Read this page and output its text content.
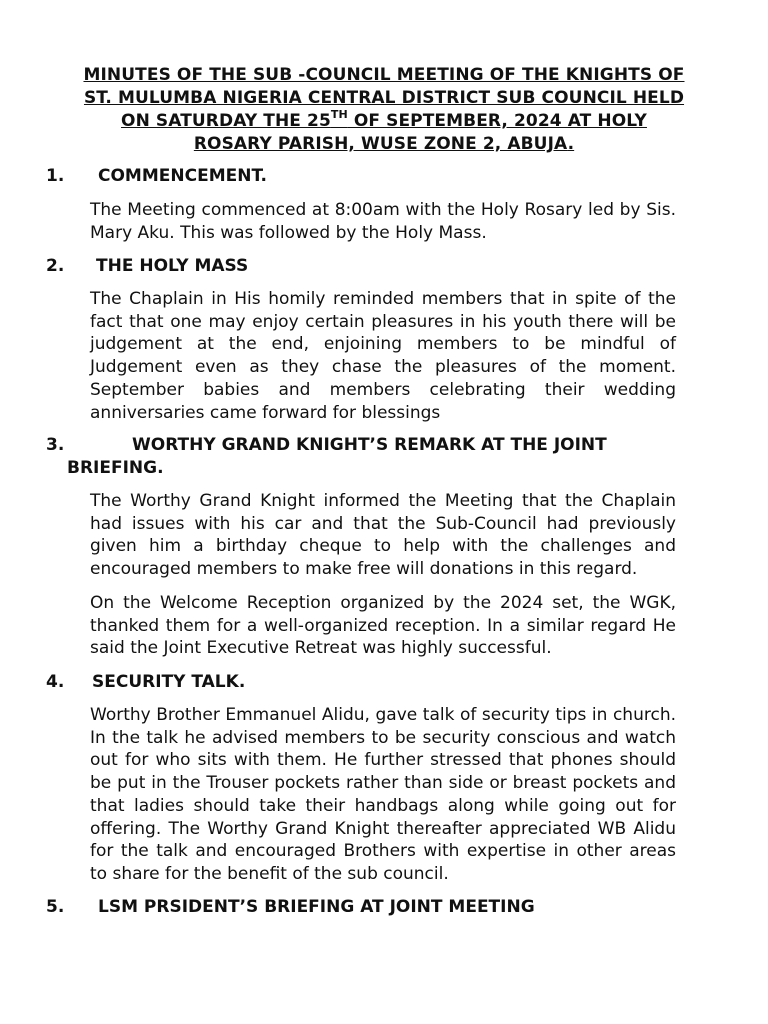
MINUTES OF THE SUB -COUNCIL MEETING OF THE KNIGHTS OF ST. MULUMBA NIGERIA CENTRAL DISTRICT SUB COUNCIL HELD ON SATURDAY THE 25TH OF SEPTEMBER, 2024 AT HOLY ROSARY PARISH, WUSE ZONE 2, ABUJA.
1. COMMENCEMENT.

The Meeting commenced at 8:00am with the Holy Rosary led by Sis. Mary Aku. This was followed by the Holy Mass.

2. THE HOLY MASS

The Chaplain in His homily reminded members that in spite of the fact that one may enjoy certain pleasures in his youth there will be judgement at the end, enjoining members to be mindful of Judgement even as they chase the pleasures of the moment. September babies and members celebrating their wedding anniversaries came forward for blessings

3.	WORTHY GRAND KNIGHT’S REMARK AT THE JOINT
BRIEFING.

The Worthy Grand Knight informed the Meeting that the Chaplain had issues with his car and that the Sub-Council had previously given him a birthday cheque to help with the challenges and encouraged members to make free will donations in this regard.

On the Welcome Reception organized by the 2024 set, the WGK, thanked them for a well-organized reception. In a similar regard He said the Joint Executive Retreat was highly successful.

4. SECURITY TALK.

Worthy Brother Emmanuel Alidu, gave talk of security tips in church. In the talk he advised members to be security conscious and watch out for who sits with them. He further stressed that phones should be put in the Trouser pockets rather than side or breast pockets and that ladies should take their handbags along while going out for offering. The Worthy Grand Knight thereafter appreciated WB Alidu for the talk and encouraged Brothers with expertise in other areas to share for the benefit of the sub council.

5. LSM PRSIDENT’S BRIEFING AT JOINT MEETING
